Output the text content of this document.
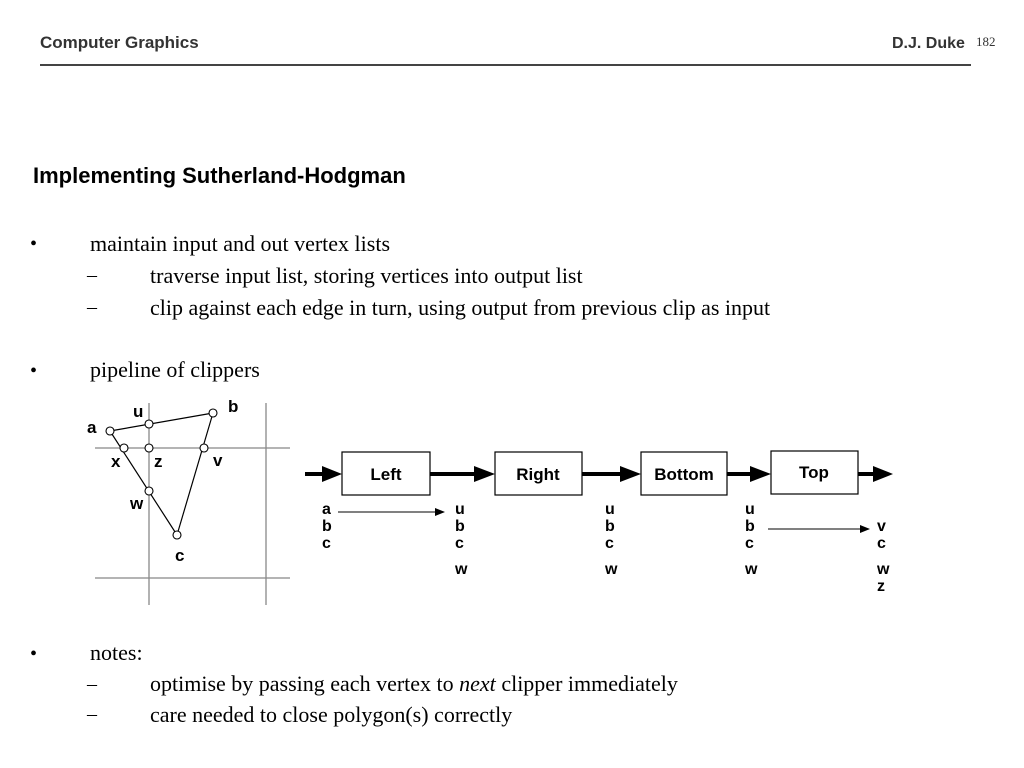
Computer Graphics	D.J. Duke 182
Implementing Sutherland-Hodgman
• maintain input and out vertex lists
– traverse input list, storing vertices into output list
– clip against each edge in turn, using output from previous clip as input
• pipeline of clippers
a
b
c
u
x z	v
w
Left	Right	Bottom	Top
a
b
c
u
b
c
w
u
b
c
w
u
b
c
w
v
c
w
z
• notes:
– optimise by passing each vertex to next clipper immediately
– care needed to close polygon(s) correctly
